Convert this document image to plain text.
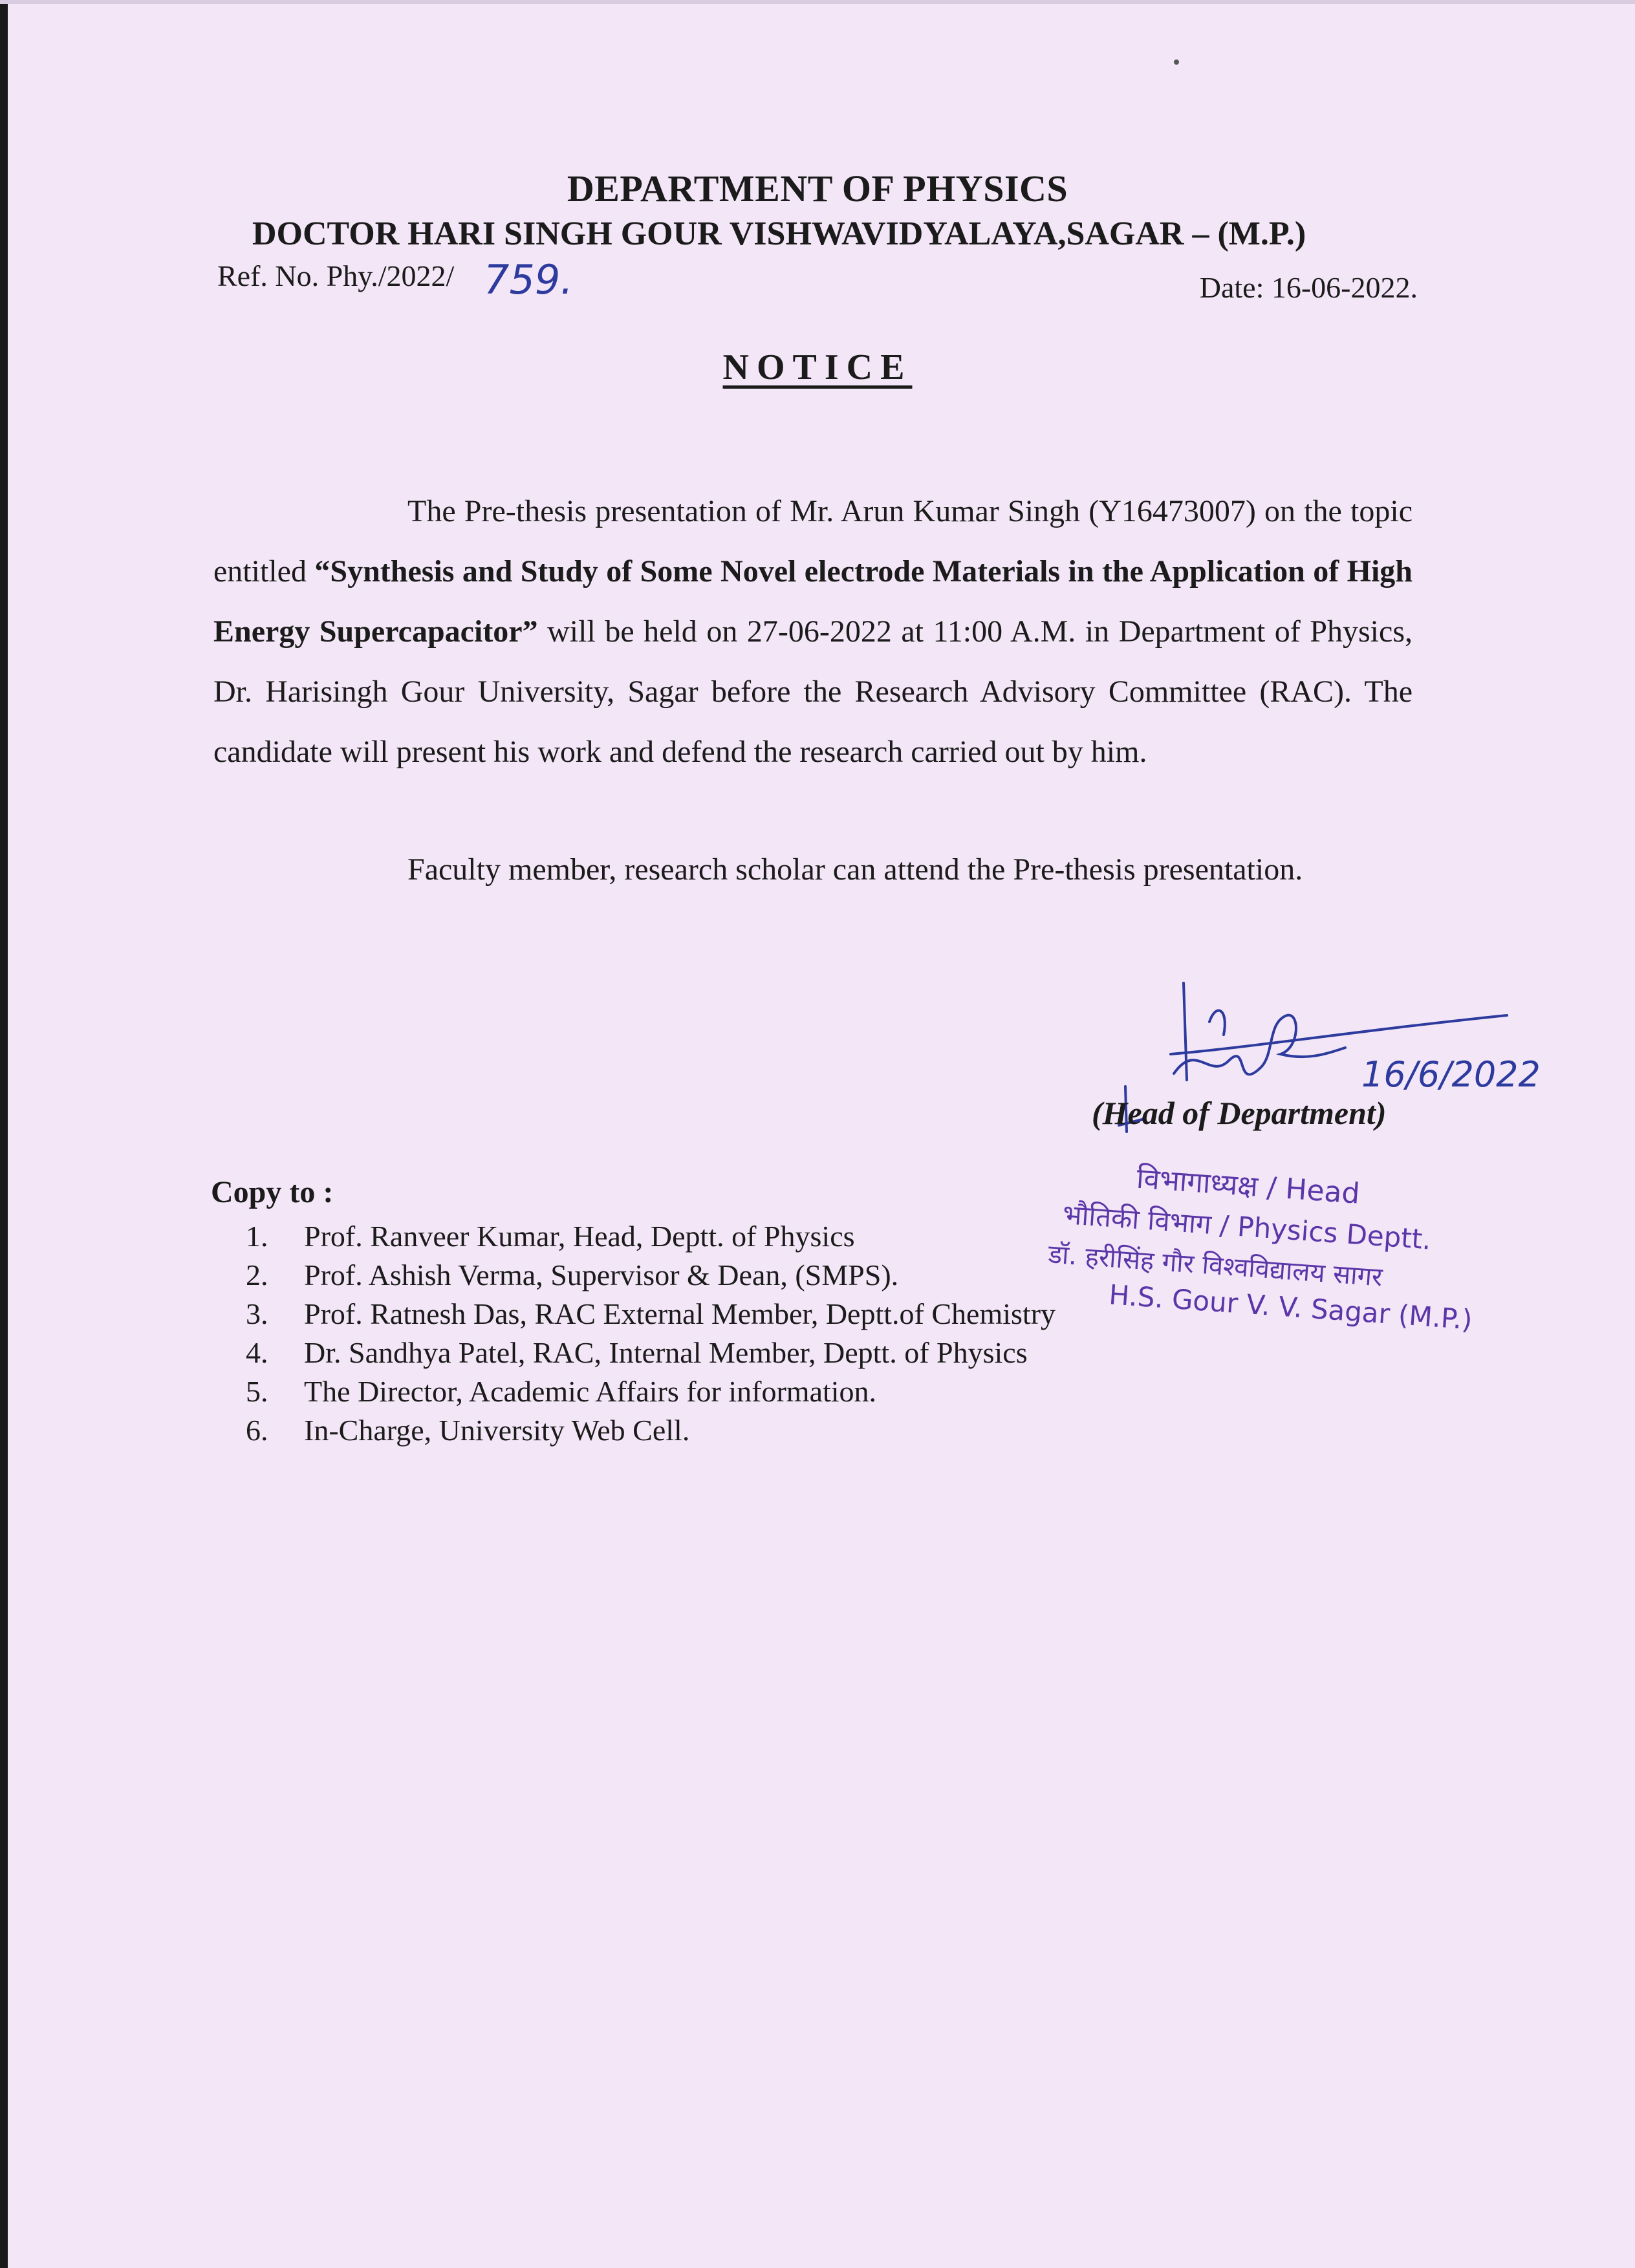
DEPARTMENT OF PHYSICS
DOCTOR HARI SINGH GOUR VISHWAVIDYALAYA,SAGAR – (M.P.)
Ref. No. Phy./2022/ 759.	Date: 16-06-2022.
NOTICE
The Pre-thesis presentation of Mr. Arun Kumar Singh (Y16473007) on the topic entitled “Synthesis and Study of Some Novel electrode Materials in the Application of High Energy Supercapacitor” will be held on 27-06-2022 at 11:00 A.M. in Department of Physics, Dr. Harisingh Gour University, Sagar before the Research Advisory Committee (RAC). The candidate will present his work and defend the research carried out by him.
Faculty member, research scholar can attend the Pre-thesis presentation.
16/6/2022
(Head of Department)
विभागाध्यक्ष / Head
भौतिकी विभाग / Physics Deptt.
डॉ. हरीसिंह गौर विश्वविद्यालय सागर
H.S. Gour V. V. Sagar (M.P.)
Copy to :
1. Prof. Ranveer Kumar, Head, Deptt. of Physics
2. Prof. Ashish Verma, Supervisor & Dean, (SMPS).
3. Prof. Ratnesh Das, RAC External Member, Deptt.of Chemistry
4. Dr. Sandhya Patel, RAC, Internal Member, Deptt. of Physics
5. The Director, Academic Affairs for information.
6. In-Charge, University Web Cell.
